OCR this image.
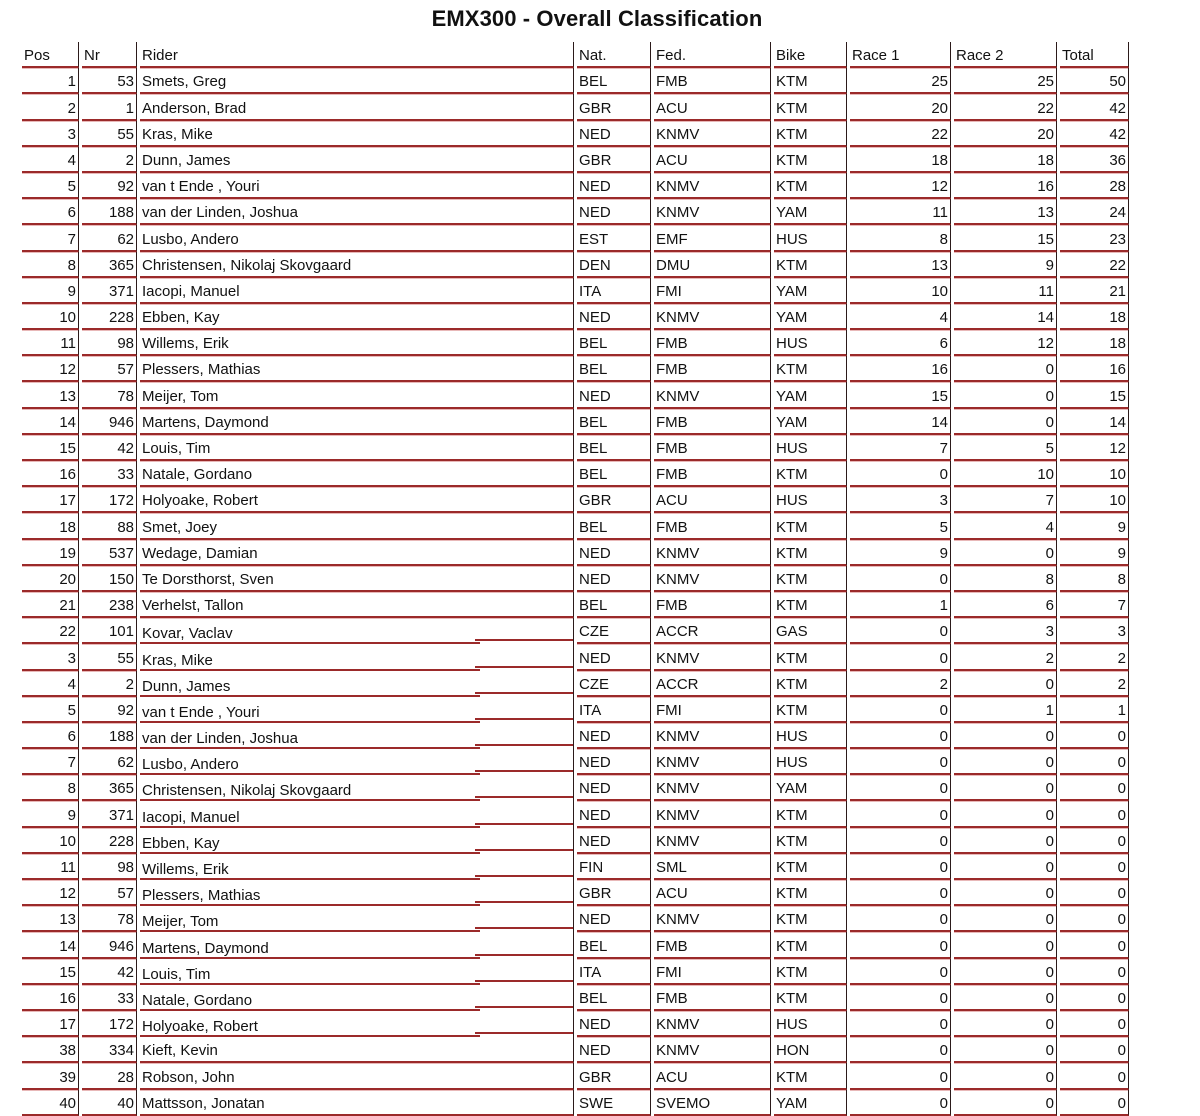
EMX300 - Overall Classification
Pos	Nr	Rider	Nat.	Fed.	Bike	Race 1	Race 2	Total
1	53	Smets, Greg	BEL	FMB	KTM	25	25	50
2	1	Anderson, Brad	GBR	ACU	KTM	20	22	42
3	55	Kras, Mike	NED	KNMV	KTM	22	20	42
4	2	Dunn, James	GBR	ACU	KTM	18	18	36
5	92	van t Ende , Youri	NED	KNMV	KTM	12	16	28
6	188	van der Linden, Joshua	NED	KNMV	YAM	11	13	24
7	62	Lusbo, Andero	EST	EMF	HUS	8	15	23
8	365	Christensen, Nikolaj Skovgaard	DEN	DMU	KTM	13	9	22
9	371	Iacopi, Manuel	ITA	FMI	YAM	10	11	21
10	228	Ebben, Kay	NED	KNMV	YAM	4	14	18
11	98	Willems, Erik	BEL	FMB	HUS	6	12	18
12	57	Plessers, Mathias	BEL	FMB	KTM	16	0	16
13	78	Meijer, Tom	NED	KNMV	YAM	15	0	15
14	946	Martens, Daymond	BEL	FMB	YAM	14	0	14
15	42	Louis, Tim	BEL	FMB	HUS	7	5	12
16	33	Natale, Gordano	BEL	FMB	KTM	0	10	10
17	172	Holyoake, Robert	GBR	ACU	HUS	3	7	10
18	88	Smet, Joey	BEL	FMB	KTM	5	4	9
19	537	Wedage, Damian	NED	KNMV	KTM	9	0	9
20	150	Te Dorsthorst, Sven	NED	KNMV	KTM	0	8	8
21	238	Verhelst, Tallon	BEL	FMB	KTM	1	6	7
22	101	Kovar, Vaclav	CZE	ACCR	GAS	0	3	3
3	55	Kras, Mike	NED	KNMV	KTM	0	2	2
4	2	Dunn, James	CZE	ACCR	KTM	2	0	2
5	92	van t Ende , Youri	ITA	FMI	KTM	0	1	1
6	188	van der Linden, Joshua	NED	KNMV	HUS	0	0	0
7	62	Lusbo, Andero	NED	KNMV	HUS	0	0	0
8	365	Christensen, Nikolaj Skovgaard	NED	KNMV	YAM	0	0	0
9	371	Iacopi, Manuel	NED	KNMV	KTM	0	0	0
10	228	Ebben, Kay	NED	KNMV	KTM	0	0	0
11	98	Willems, Erik	FIN	SML	KTM	0	0	0
12	57	Plessers, Mathias	GBR	ACU	KTM	0	0	0
13	78	Meijer, Tom	NED	KNMV	KTM	0	0	0
14	946	Martens, Daymond	BEL	FMB	KTM	0	0	0
15	42	Louis, Tim	ITA	FMI	KTM	0	0	0
16	33	Natale, Gordano	BEL	FMB	KTM	0	0	0
17	172	Holyoake, Robert	NED	KNMV	HUS	0	0	0
38	334	Kieft, Kevin	NED	KNMV	HON	0	0	0
39	28	Robson, John	GBR	ACU	KTM	0	0	0
40	40	Mattsson, Jonatan	SWE	SVEMO	YAM	0	0	0
